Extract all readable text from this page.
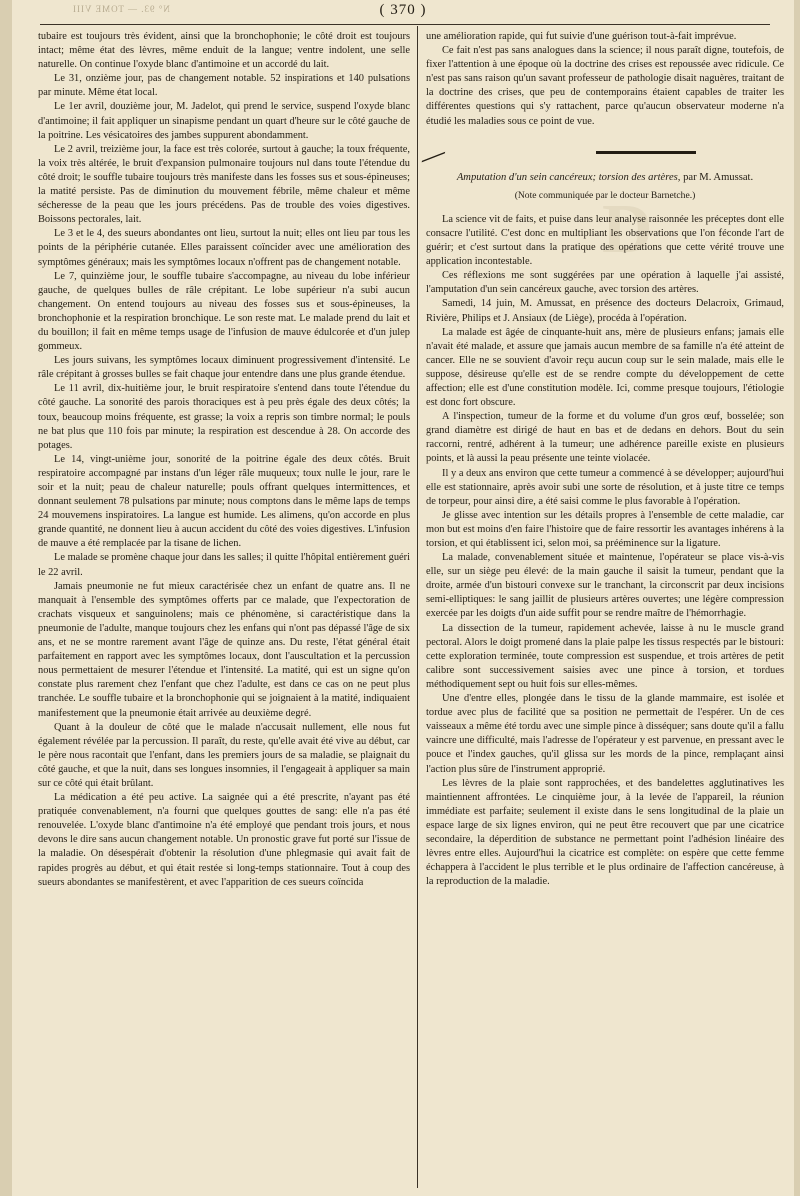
N° 93. — TOME VIII	( 370 )
D

tubaire est toujours très évident, ainsi que la bronchophonie; le côté droit est toujours intact; même état des lèvres, même enduit de la langue; ventre indolent, une selle naturelle. On continue l'oxyde blanc d'antimoine et un accordé du lait.

Le 31, onzième jour, pas de changement notable. 52 inspirations et 140 pulsations par minute. Même état local.

Le 1er avril, douzième jour, M. Jadelot, qui prend le service, suspend l'oxyde blanc d'antimoine; il fait appliquer un sinapisme pendant un quart d'heure sur le côté gauche de la poitrine. Les vésicatoires des jambes suppurent abondamment.

Le 2 avril, treizième jour, la face est très colorée, surtout à gauche; la toux fréquente, la voix très altérée, le bruit d'expansion pulmonaire toujours nul dans toute l'étendue du côté droit; le souffle tubaire toujours très manifeste dans les fosses sus et sous-épineuses; la matité persiste. Pas de diminution du mouvement fébrile, même chaleur et même sécheresse de la peau que les jours précédens. Pas de trouble des voies digestives. Boissons pectorales, lait.

Le 3 et le 4, des sueurs abondantes ont lieu, surtout la nuit; elles ont lieu par tous les points de la périphérie cutanée. Elles paraissent coïncider avec une amélioration des symptômes généraux; mais les symptômes locaux n'offrent pas de changement notable.

Le 7, quinzième jour, le souffle tubaire s'accompagne, au niveau du lobe inférieur gauche, de quelques bulles de râle crépitant. Le lobe supérieur n'a subi aucun changement. On entend toujours au niveau des fosses sus et sous-épineuses, la bronchophonie et la respiration bronchique. Le son reste mat. Le malade prend du lait et du bouillon; il fait en même temps usage de l'infusion de mauve édulcorée et d'un julep gommeux.

Les jours suivans, les symptômes locaux diminuent progressivement d'intensité. Le râle crépitant à grosses bulles se fait chaque jour entendre dans une plus grande étendue.

Le 11 avril, dix-huitième jour, le bruit respiratoire s'entend dans toute l'étendue du côté gauche. La sonorité des parois thoraciques est à peu près égale des deux côtés; la toux, beaucoup moins fréquente, est grasse; la voix a repris son timbre normal; le pouls ne bat plus que 110 fois par minute; la respiration est descendue à 28. On accorde des potages.

Le 14, vingt-unième jour, sonorité de la poitrine égale des deux côtés. Bruit respiratoire accompagné par instans d'un léger râle muqueux; toux nulle le jour, rare le soir et la nuit; peau de chaleur naturelle; pouls offrant quelques intermittences, et donnant seulement 78 pulsations par minute; nous comptons dans le même laps de temps 24 mouvemens inspiratoires. La langue est humide. Les alimens, qu'on accorde en plus grande quantité, ne donnent lieu à aucun accident du côté des voies digestives. L'infusion de mauve a été remplacée par la tisane de lichen.

Le malade se promène chaque jour dans les salles; il quitte l'hôpital entièrement guéri le 22 avril.

Jamais pneumonie ne fut mieux caractérisée chez un enfant de quatre ans. Il ne manquait à l'ensemble des symptômes offerts par ce malade, que l'expectoration de crachats visqueux et sanguinolens; mais ce phénomène, si caractéristique dans la pneumonie de l'adulte, manque toujours chez les enfans qui n'ont pas dépassé l'âge de six ans, et ne se montre rarement avant l'âge de quinze ans. Du reste, l'état général était parfaitement en rapport avec les symptômes locaux, dont l'auscultation et la percussion nous permettaient de mesurer l'étendue et l'intensité. La matité, qui est un signe qu'on constate plus rarement chez l'enfant que chez l'adulte, est dans ce cas on ne peut plus tranchée. Le souffle tubaire et la bronchophonie qui se joignaient à la matité, indiquaient manifestement que la pneumonie était arrivée au deuxième degré.

Quant à la douleur de côté que le malade n'accusait nullement, elle nous fut également révélée par la percussion. Il paraît, du reste, qu'elle avait été vive au début, car le père nous racontait que l'enfant, dans les premiers jours de sa maladie, se plaignait du côté gauche, et que la nuit, dans ses longues insomnies, il l'engageait à appliquer sa main sur ce côté qui était brûlant.

La médication a été peu active. La saignée qui a été prescrite, n'ayant pas été pratiquée convenablement, n'a fourni que quelques gouttes de sang: elle n'a pas été renouvelée. L'oxyde blanc d'antimoine n'a été employé que pendant trois jours, et nous devons le dire sans aucun changement notable. Un pronostic grave fut porté sur l'issue de la maladie. On désespérait d'obtenir la résolution d'une phlegmasie qui avait fait de rapides progrès au début, et qui était restée si long-temps stationnaire. Tout à coup des sueurs abondantes se manifestèrent, et avec l'apparition de ces sueurs coïncida

une amélioration rapide, qui fut suivie d'une guérison tout-à-fait imprévue.

Ce fait n'est pas sans analogues dans la science; il nous paraît digne, toutefois, de fixer l'attention à une époque où la doctrine des crises est repoussée avec ridicule. Ce n'est pas sans raison qu'un savant professeur de pathologie disait naguères, traitant de la doctrine des crises, que peu de contemporains étaient capables de traiter les différentes questions qui s'y rattachent, parce qu'aucun observateur moderne n'a étudié les maladies sous ce point de vue.

Amputation d'un sein cancéreux; torsion des artères, par M. Amussat.
(Note communiquée par le docteur Barnetche.)

La science vit de faits, et puise dans leur analyse raisonnée les préceptes dont elle consacre l'utilité. C'est donc en multipliant les observations que l'on féconde l'art de guérir; et c'est surtout dans la pratique des opérations que cette vérité trouve une application incontestable.

Ces réflexions me sont suggérées par une opération à laquelle j'ai assisté, l'amputation d'un sein cancéreux gauche, avec torsion des artères.

Samedi, 14 juin, M. Amussat, en présence des docteurs Delacroix, Grimaud, Rivière, Philips et J. Ansiaux (de Liège), procéda à l'opération.

La malade est âgée de cinquante-huit ans, mère de plusieurs enfans; jamais elle n'avait été malade, et assure que jamais aucun membre de sa famille n'a été atteint de cancer. Elle ne se souvient d'avoir reçu aucun coup sur le sein malade, mais elle le suppose, désireuse qu'elle est de se rendre compte du développement de cette affection; elle est d'une constitution modèle. Ici, comme presque toujours, l'étiologie est donc fort obscure.

A l'inspection, tumeur de la forme et du volume d'un gros œuf, bosselée; son grand diamètre est dirigé de haut en bas et de dedans en dehors. Bout du sein raccorni, rentré, adhérent à la tumeur; une adhérence pareille existe en plusieurs points, et là aussi la peau présente une teinte violacée.

Il y a deux ans environ que cette tumeur a commencé à se développer; aujourd'hui elle est stationnaire, après avoir subi une sorte de résolution, et à juste titre ce temps de torpeur, pour ainsi dire, a été saisi comme le plus favorable à l'opération.

Je glisse avec intention sur les détails propres à l'ensemble de cette maladie, car mon but est moins d'en faire l'histoire que de faire ressortir les avantages inhérens à la torsion, et qui établissent ici, selon moi, sa prééminence sur la ligature.

La malade, convenablement située et maintenue, l'opérateur se place vis-à-vis elle, sur un siège peu élevé: de la main gauche il saisit la tumeur, pendant que la droite, armée d'un bistouri convexe sur le tranchant, la circonscrit par deux incisions semi-elliptiques: le sang jaillit de plusieurs artères ouvertes; une légère compression exercée par les doigts d'un aide suffit pour se rendre maître de l'hémorrhagie.

La dissection de la tumeur, rapidement achevée, laisse à nu le muscle grand pectoral. Alors le doigt promené dans la plaie palpe les tissus respectés par le bistouri: cette exploration terminée, toute compression est suspendue, et trois artères de petit calibre sont successivement saisies avec une pince à torsion, et tordues méthodiquement sept ou huit fois sur elles-mêmes.

Une d'entre elles, plongée dans le tissu de la glande mammaire, est isolée et tordue avec plus de facilité que sa position ne permettait de l'espérer. Un de ces vaisseaux a même été tordu avec une simple pince à disséquer; sans doute qu'il a fallu vaincre une difficulté, mais l'adresse de l'opérateur y est parvenue, en pressant avec le pouce et l'index gauches, qu'il glissa sur les mords de la pince, remplaçant ainsi l'action plus sûre de l'instrument approprié.

Les lèvres de la plaie sont rapprochées, et des bandelettes agglutinatives les maintiennent affrontées. Le cinquième jour, à la levée de l'appareil, la réunion immédiate est parfaite; seulement il existe dans le sens longitudinal de la plaie un espace large de six lignes environ, qui ne peut être recouvert que par une cicatrice secondaire, la déperdition de substance ne permettant point l'adhésion linéaire des lèvres entre elles. Aujourd'hui la cicatrice est complète: on espère que cette femme échappera à l'accident le plus terrible et le plus ordinaire de l'affection cancéreuse, à la reproduction de la maladie.
